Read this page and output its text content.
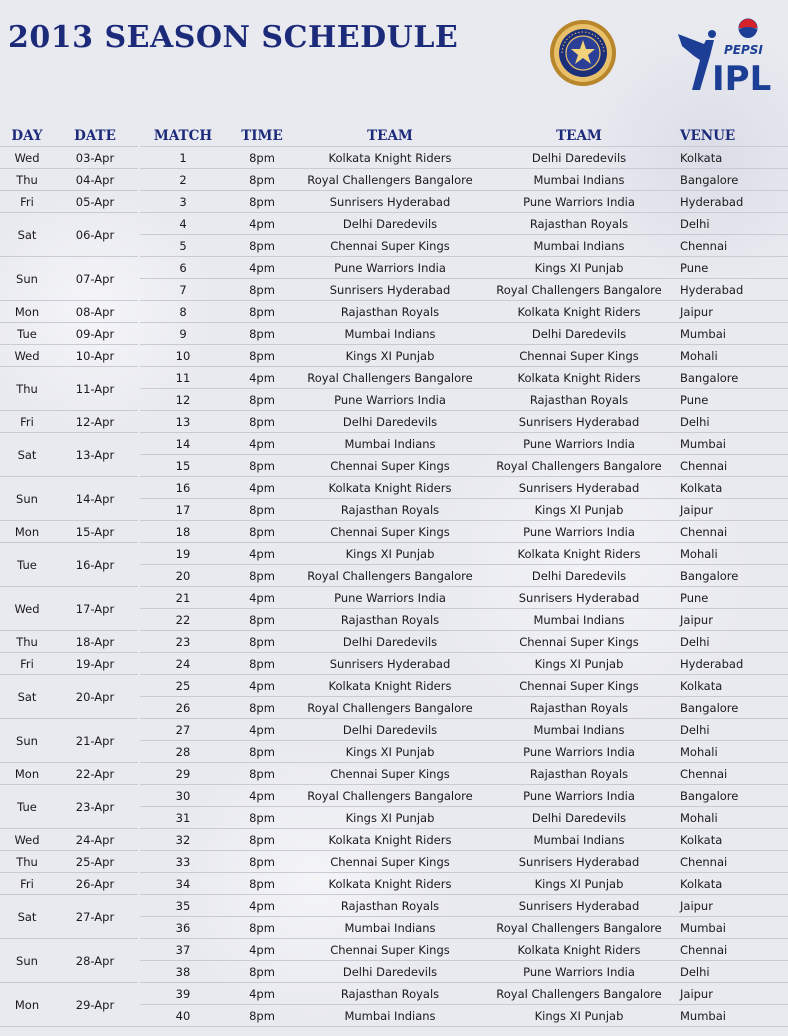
2013 SEASON SCHEDULE	PEPSI
IPL
DAY	DATE	MATCH	TIME	TEAM	TEAM	VENUE
Wed	03-Apr	1	8pm	Kolkata Knight Riders	Delhi Daredevils	Kolkata
Thu	04-Apr	2	8pm	Royal Challengers Bangalore	Mumbai Indians	Bangalore
Fri	05-Apr	3	8pm	Sunrisers Hyderabad	Pune Warriors India	Hyderabad
Sat	06-Apr
4	4pm	Delhi Daredevils	Rajasthan Royals	Delhi
5	8pm	Chennai Super Kings	Mumbai Indians	Chennai
Sun	07-Apr
6	4pm	Pune Warriors India	Kings XI Punjab	Pune
7	8pm	Sunrisers Hyderabad	Royal Challengers Bangalore	Hyderabad
Mon	08-Apr	8	8pm	Rajasthan Royals	Kolkata Knight Riders	Jaipur
Tue	09-Apr	9	8pm	Mumbai Indians	Delhi Daredevils	Mumbai
Wed	10-Apr	10	8pm	Kings XI Punjab	Chennai Super Kings	Mohali
Thu	11-Apr
11	4pm	Royal Challengers Bangalore	Kolkata Knight Riders	Bangalore
12	8pm	Pune Warriors India	Rajasthan Royals	Pune
Fri	12-Apr	13	8pm	Delhi Daredevils	Sunrisers Hyderabad	Delhi
Sat	13-Apr
14	4pm	Mumbai Indians	Pune Warriors India	Mumbai
15	8pm	Chennai Super Kings	Royal Challengers Bangalore	Chennai
Sun	14-Apr
16	4pm	Kolkata Knight Riders	Sunrisers Hyderabad	Kolkata
17	8pm	Rajasthan Royals	Kings XI Punjab	Jaipur
Mon	15-Apr	18	8pm	Chennai Super Kings	Pune Warriors India	Chennai
Tue	16-Apr
19	4pm	Kings XI Punjab	Kolkata Knight Riders	Mohali
20	8pm	Royal Challengers Bangalore	Delhi Daredevils	Bangalore
Wed	17-Apr
21	4pm	Pune Warriors India	Sunrisers Hyderabad	Pune
22	8pm	Rajasthan Royals	Mumbai Indians	Jaipur
Thu	18-Apr	23	8pm	Delhi Daredevils	Chennai Super Kings	Delhi
Fri	19-Apr	24	8pm	Sunrisers Hyderabad	Kings XI Punjab	Hyderabad
Sat	20-Apr
25	4pm	Kolkata Knight Riders	Chennai Super Kings	Kolkata
26	8pm	Royal Challengers Bangalore	Rajasthan Royals	Bangalore
Sun	21-Apr
27	4pm	Delhi Daredevils	Mumbai Indians	Delhi
28	8pm	Kings XI Punjab	Pune Warriors India	Mohali
Mon	22-Apr	29	8pm	Chennai Super Kings	Rajasthan Royals	Chennai
Tue	23-Apr
30	4pm	Royal Challengers Bangalore	Pune Warriors India	Bangalore
31	8pm	Kings XI Punjab	Delhi Daredevils	Mohali
Wed	24-Apr	32	8pm	Kolkata Knight Riders	Mumbai Indians	Kolkata
Thu	25-Apr	33	8pm	Chennai Super Kings	Sunrisers Hyderabad	Chennai
Fri	26-Apr	34	8pm	Kolkata Knight Riders	Kings XI Punjab	Kolkata
Sat	27-Apr
35	4pm	Rajasthan Royals	Sunrisers Hyderabad	Jaipur
36	8pm	Mumbai Indians	Royal Challengers Bangalore	Mumbai
Sun	28-Apr
37	4pm	Chennai Super Kings	Kolkata Knight Riders	Chennai
38	8pm	Delhi Daredevils	Pune Warriors India	Delhi
Mon	29-Apr
39	4pm	Rajasthan Royals	Royal Challengers Bangalore	Jaipur
40	8pm	Mumbai Indians	Kings XI Punjab	Mumbai
